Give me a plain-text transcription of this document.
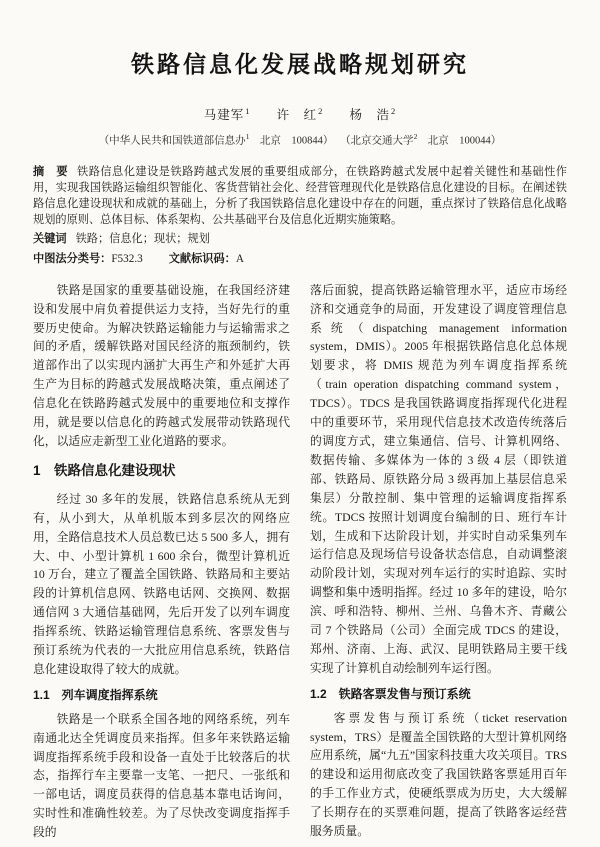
铁路信息化发展战略规划研究
马建军$^1$ 许　红$^2$ 杨　浩$^2$
（中华人民共和国铁道部信息办$^1$　北京　100844） （北京交通大学$^2$　北京　100044）

摘　要 铁路信息化建设是铁路跨越式发展的重要组成部分，在铁路跨越式发展中起着关键性和基础性作用，实现我国铁路运输组织智能化、客货营销社会化、经营管理现代化是铁路信息化建设的目标。在阐述铁路信息化建设现状和成就的基础上，分析了我国铁路信息化建设中存在的问题，重点探讨了铁路信息化战略规划的原则、总体目标、体系架构、公共基础平台及信息化近期实施策略。

关键词 铁路；信息化；现状；规划

中图法分类号：F532.3 文献标识码：A

铁路是国家的重要基础设施，在我国经济建设和发展中肩负着提供运力支持，当好先行的重要历史使命。为解决铁路运输能力与运输需求之间的矛盾，缓解铁路对国民经济的瓶颈制约，铁道部作出了以实现内涵扩大再生产和外延扩大再生产为目标的跨越式发展战略决策，重点阐述了信息化在铁路跨越式发展中的重要地位和支撑作用，就是要以信息化的跨越式发展带动铁路现代化，以适应走新型工业化道路的要求。

1　铁路信息化建设现状

经过 30 多年的发展，铁路信息系统从无到有，从小到大，从单机版本到多层次的网络应用，全路信息技术人员总数已达 5 500 多人，拥有大、中、小型计算机 1 600 余台，微型计算机近 10 万台，建立了覆盖全国铁路、铁路局和主要站段的计算机信息网、铁路电话网、交换网、数据通信网 3 大通信基础网，先后开发了以列车调度指挥系统、铁路运输管理信息系统、客票发售与预订系统为代表的一大批应用信息系统，铁路信息化建设取得了较大的成就。

1.1　列车调度指挥系统

铁路是一个联系全国各地的网络系统，列车南通北达全凭调度员来指挥。但多年来铁路运输调度指挥系统手段和设备一直处于比较落后的状态，指挥行车主要靠一支笔、一把尺、一张纸和一部电话，调度员获得的信息基本靠电话询问，实时性和准确性较差。为了尽快改变调度指挥手段的

落后面貌，提高铁路运输管理水平，适应市场经济和交通竞争的局面，开发建设了调度管理信息系统（dispatching management information system，DMIS）。2005 年根据铁路信息化总体规划要求，将 DMIS 规范为列车调度指挥系统（train operation dispatching command system，TDCS）。TDCS 是我国铁路调度指挥现代化进程中的重要环节，采用现代信息技术改造传统落后的调度方式，建立集通信、信号、计算机网络、数据传输、多媒体为一体的 3 级 4 层（即铁道部、铁路局、原铁路分局 3 级再加上基层信息采集层）分散控制、集中管理的运输调度指挥系统。TDCS 按照计划调度台编制的日、班行车计划，生成和下达阶段计划，并实时自动采集列车运行信息及现场信号设备状态信息，自动调整滚动阶段计划，实现对列车运行的实时追踪、实时调整和集中透明指挥。经过 10 多年的建设，哈尔滨、呼和浩特、柳州、兰州、乌鲁木齐、青藏公司 7 个铁路局（公司）全面完成 TDCS 的建设，郑州、济南、上海、武汉、昆明铁路局主要干线实现了计算机自动绘制列车运行图。

1.2　铁路客票发售与预订系统

客票发售与预订系统（ticket reservation system，TRS）是覆盖全国铁路的大型计算机网络应用系统，属“九五”国家科技重大攻关项目。TRS 的建设和运用彻底改变了我国铁路客票延用百年的手工作业方式，使硬纸票成为历史，大大缓解了长期存在的买票难问题，提高了铁路客运经营服务质量。
